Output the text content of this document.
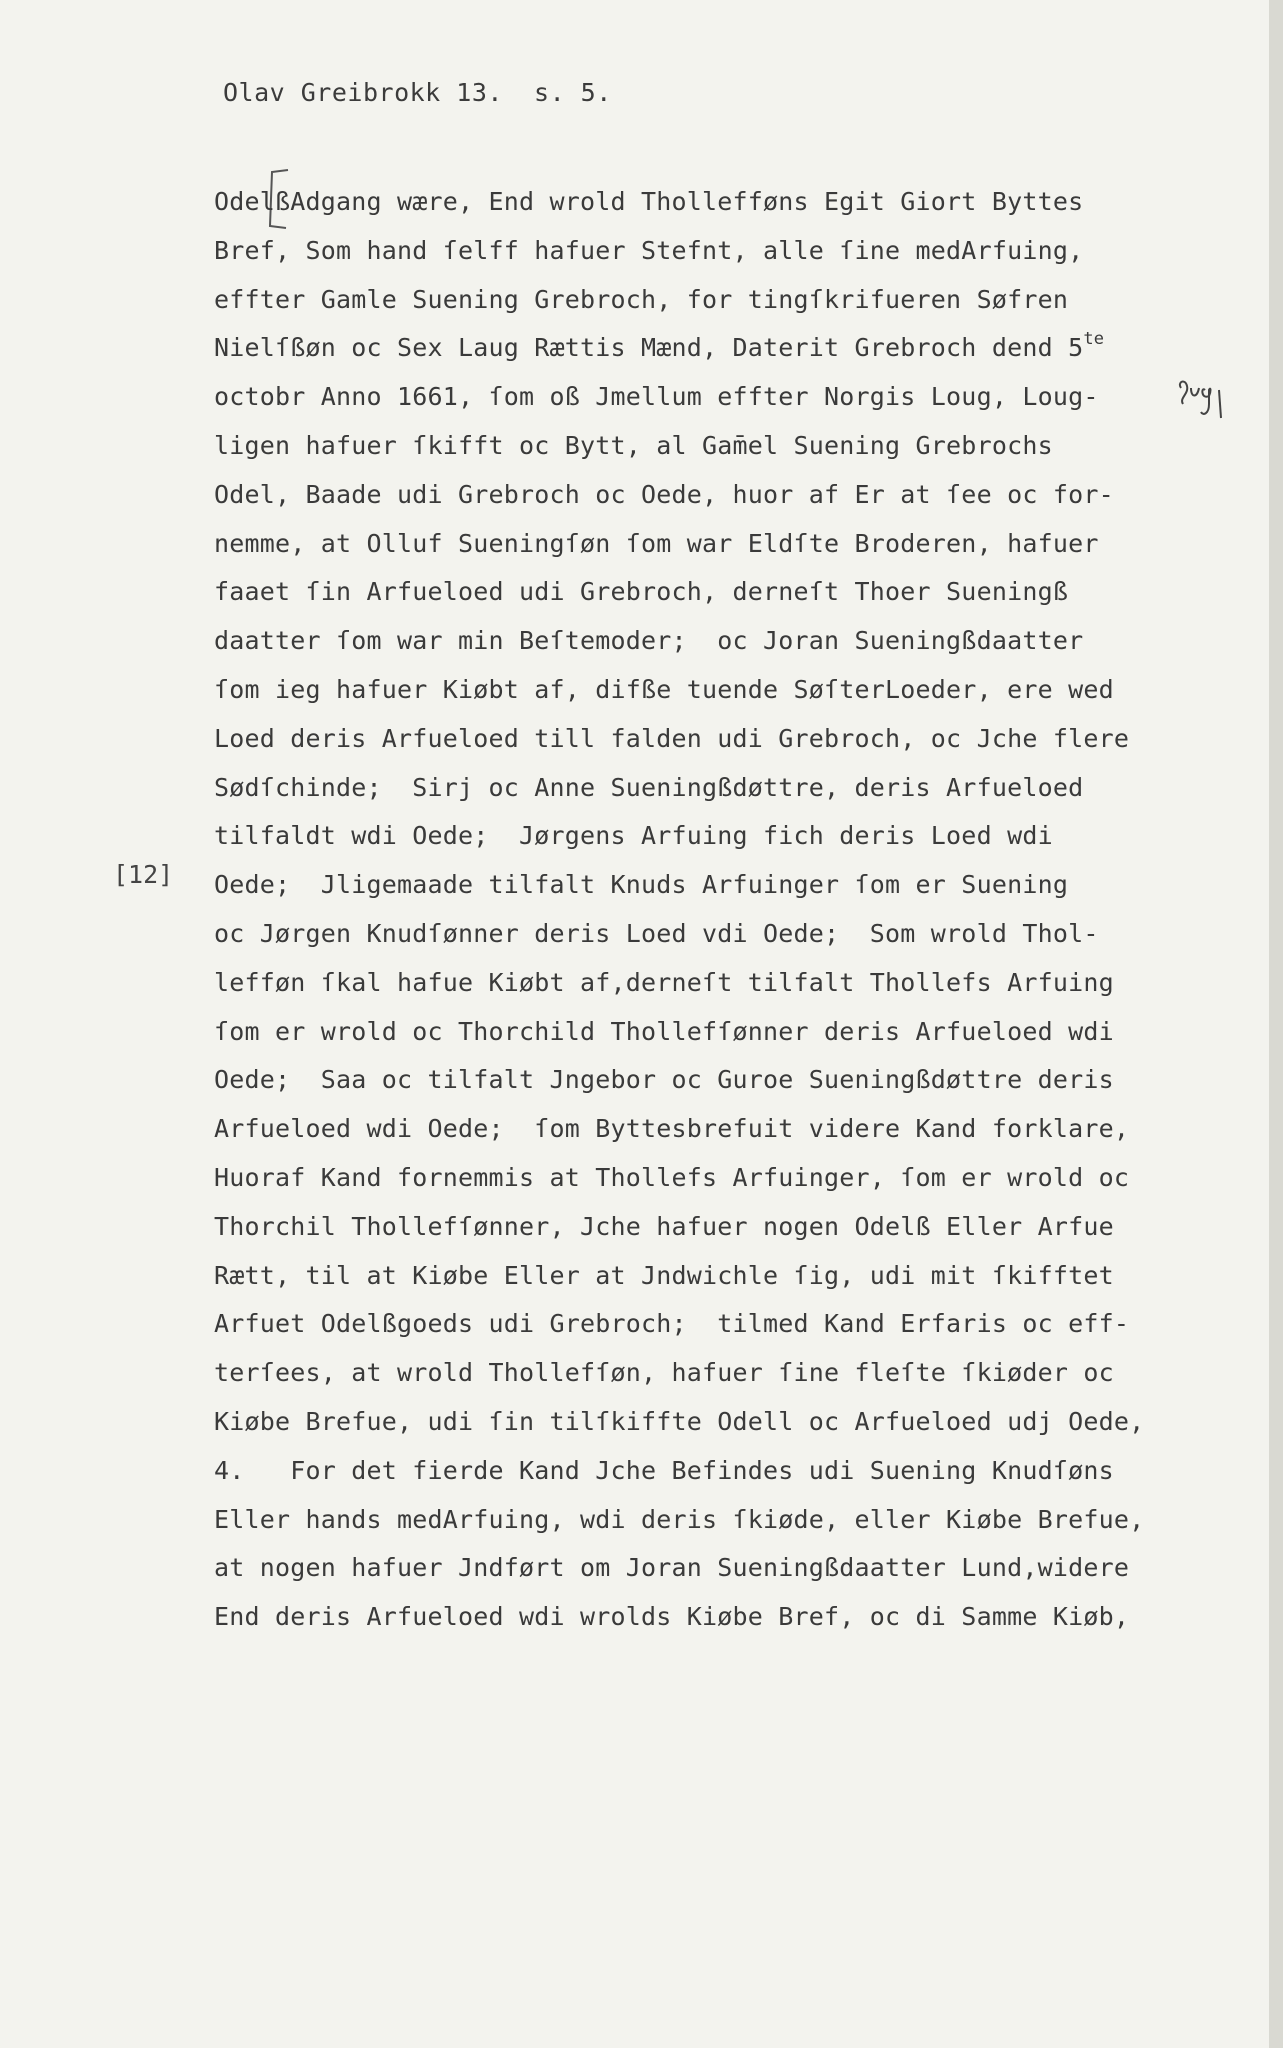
Olav Greibrokk 13.  s. 5.
OdelßAdgang wære, End wrold Thollefføns Egit Giort Byttes
Bref, Som hand ſelff hafuer Stefnt, alle ſine medArfuing,
effter Gamle Suening Grebroch, for tingſkrifueren Søfren
Nielſßøn oc Sex Laug Rættis Mænd, Daterit Grebroch dend $5^{te}$
octobr Anno 1661, ſom oß Jmellum effter Norgis Loug, Loug-
ligen hafuer ſkifft oc Bytt, al Gam̄el Suening Grebrochs
Odel, Baade udi Grebroch oc Oede, huor af Er at ſee oc for-
nemme, at Olluf Sueningſøn ſom war Eldſte Broderen, hafuer
faaet ſin Arfueloed udi Grebroch, derneſt Thoer Sueningß
daatter ſom war min Beſtemoder;  oc Joran Sueningßdaatter
ſom ieg hafuer Kiøbt af, difßе tuende SøſterLoeder, ere wed
Loed deris Arfueloed till falden udi Grebroch, oc Jche flere
Sødſchinde;  Sirj oc Anne Sueningßdøttre, deris Arfueloed
tilfaldt wdi Oede;  Jørgens Arfuing fich deris Loed wdi
Oede;  Jligemaade tilfalt Knuds Arfuinger ſom er Suening
oc Jørgen Knudſønner deris Loed vdi Oede;  Som wrold Thol-
lefføn ſkal hafue Kiøbt af,derneſt tilfalt Thollefs Arfuing
ſom er wrold oc Thorchild Thollefſønner deris Arfueloed wdi
Oede;  Saa oc tilfalt Jngebor oc Guroe Sueningßdøttre deris
Arfueloed wdi Oede;  ſom Byttesbrefuit videre Kand forklare,
Huoraf Kand fornemmis at Thollefs Arfuinger, ſom er wrold oc
Thorchil Thollefſønner, Jche hafuer nogen Odelß Eller Arfue
Rætt, til at Kiøbe Eller at Jndwichle ſig, udi mit ſkifftet
Arfuet Odelßgoeds udi Grebroch;  tilmed Kand Erfaris oc eff-
terſees, at wrold Thollefſøn, hafuer ſine fleſte ſkiøder oc
Kiøbe Brefue, udi ſin tilſkiffte Odell oc Arfueloed udj Oede,
4.   For det fierde Kand Jche Befindes udi Suening Knudſøns
Eller hands medArfuing, wdi deris ſkiøde, eller Kiøbe Brefue,
at nogen hafuer Jndført om Joran Sueningßdaatter Lund,widere
End deris Arfueloed wdi wrolds Kiøbe Bref, oc di Samme Kiøb,
[12]
